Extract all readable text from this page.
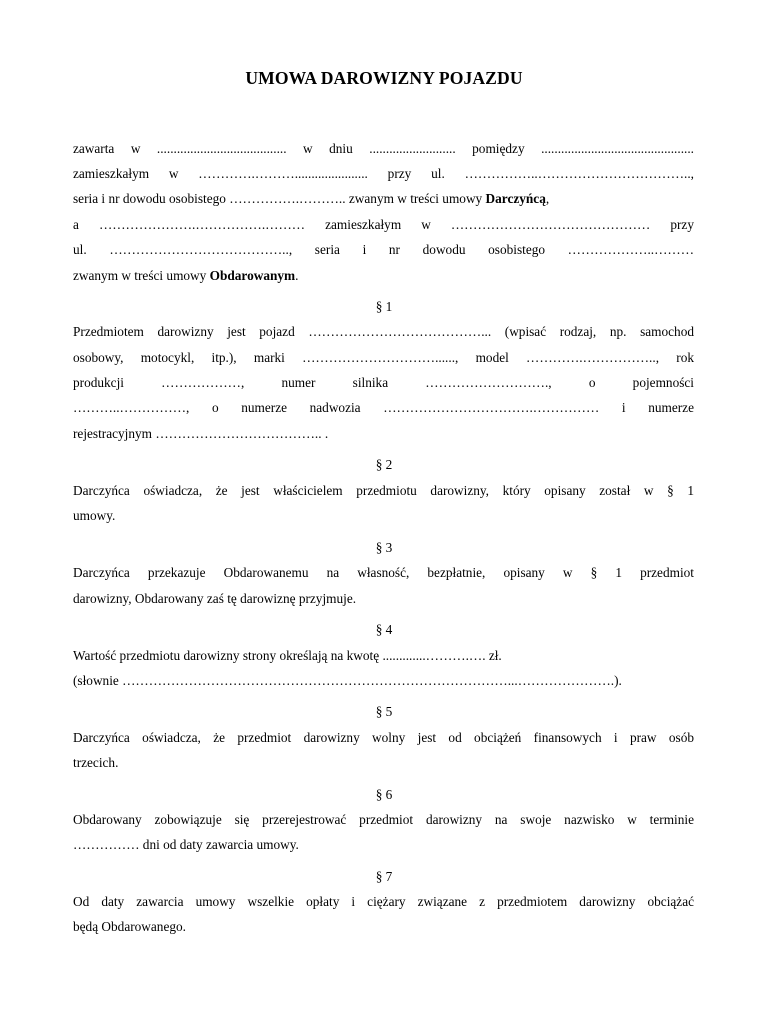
UMOWA DAROWIZNY POJAZDU
zawarta w ....................................... w dniu .......................... pomiędzy ..............................................
zamieszkałym w ………….………...................... przy ul. ……………..……………………………..,
seria i nr dowodu osobistego …………….……….. zwanym w treści umowy Darczyńcą,
a ………………….…………….……… zamieszkałym w ……………………………………… przy
ul. ………………………………….., seria i nr dowodu osobistego ………………..………
zwanym w treści umowy Obdarowanym.
§ 1
Przedmiotem darowizny jest pojazd …………………………………... (wpisać rodzaj, np. samochod
osobowy, motocykl, itp.), marki …………………………......, model ………….…………….., rok
produkcji ………………, numer silnika ………………………., o pojemności
………..……………, o numerze nadwozia …………………………….…………… i numerze
rejestracyjnym ……………………………….. .
§ 2
Darczyńca oświadcza, że jest właścicielem przedmiotu darowizny, który opisany został w § 1
umowy.
§ 3
Darczyńca przekazuje Obdarowanemu na własność, bezpłatnie, opisany w § 1 przedmiot
darowizny, Obdarowany zaś tę darowiznę przyjmuje.
§ 4
Wartość przedmiotu darowizny strony określają na kwotę .............……….…. zł.
(słownie ……………………………………………………………………………...………………….).
§ 5
Darczyńca oświadcza, że przedmiot darowizny wolny jest od obciążeń finansowych i praw osób
trzecich.
§ 6
Obdarowany zobowiązuje się przerejestrować przedmiot darowizny na swoje nazwisko w terminie
…………… dni od daty zawarcia umowy.
§ 7
Od daty zawarcia umowy wszelkie opłaty i ciężary związane z przedmiotem darowizny obciążać
będą Obdarowanego.
